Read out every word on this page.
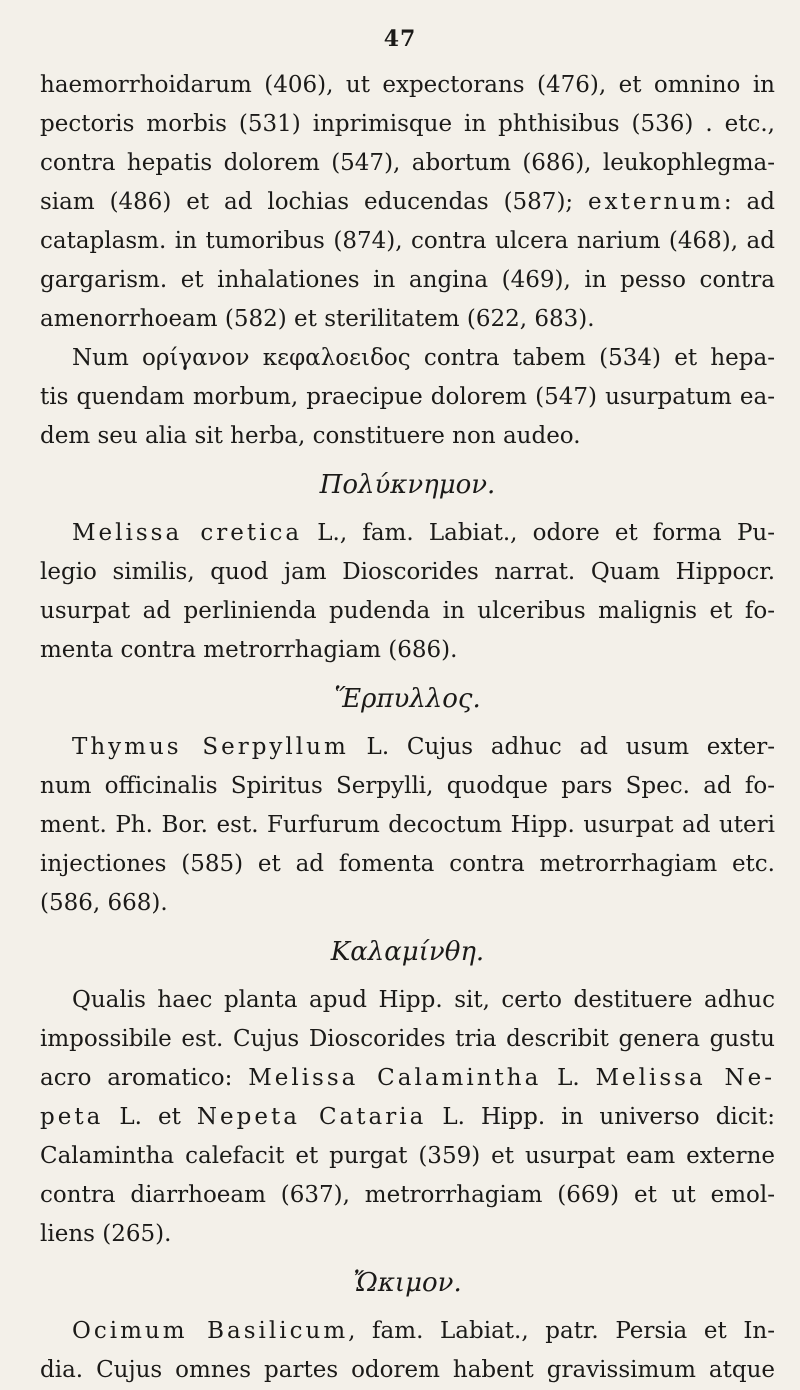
47
haemorrhoidarum (406), ut expectorans (476), et omnino in
pectoris morbis (531) inprimisque in phthisibus (536) . etc.,
contra hepatis dolorem (547), abortum (686), leukophlegma-
siam (486) et ad lochias educendas (587); externum: ad
cataplasm. in tumoribus (874), contra ulcera narium (468), ad
gargarism. et inhalationes in angina (469), in pesso contra
amenorrhoeam (582) et sterilitatem (622, 683).
Num ορίγανον κεφαλοειδος contra tabem (534) et hepa-
tis quendam morbum, praecipue dolorem (547) usurpatum ea-
dem seu alia sit herba, constituere non audeo.
Πολύκνημον.
Melissa cretica L., fam. Labiat., odore et forma Pu-
legio similis, quod jam Dioscorides narrat. Quam Hippocr.
usurpat ad perlinienda pudenda in ulceribus malignis et fo-
menta contra metrorrhagiam (686).
Ἕρπυλλος.
Thymus Serpyllum L. Cujus adhuc ad usum exter-
num officinalis Spiritus Serpylli, quodque pars Spec. ad fo-
ment. Ph. Bor. est. Furfurum decoctum Hipp. usurpat ad uteri
injectiones (585) et ad fomenta contra metrorrhagiam etc.
(586, 668).
Καλαμίνθη.
Qualis haec planta apud Hipp. sit, certo destituere adhuc
impossibile est. Cujus Dioscorides tria describit genera gustu
acro aromatico: Melissa Calamintha L. Melissa Ne-
peta L. et Nepeta Cataria L. Hipp. in universo dicit:
Calamintha calefacit et purgat (359) et usurpat eam externe
contra diarrhoeam (637), metrorrhagiam (669) et ut emol-
liens (265).
Ὤκιμον.
Ocimum Basilicum, fam. Labiat., patr. Persia et In-
dia. Cujus omnes partes odorem habent gravissimum atque
